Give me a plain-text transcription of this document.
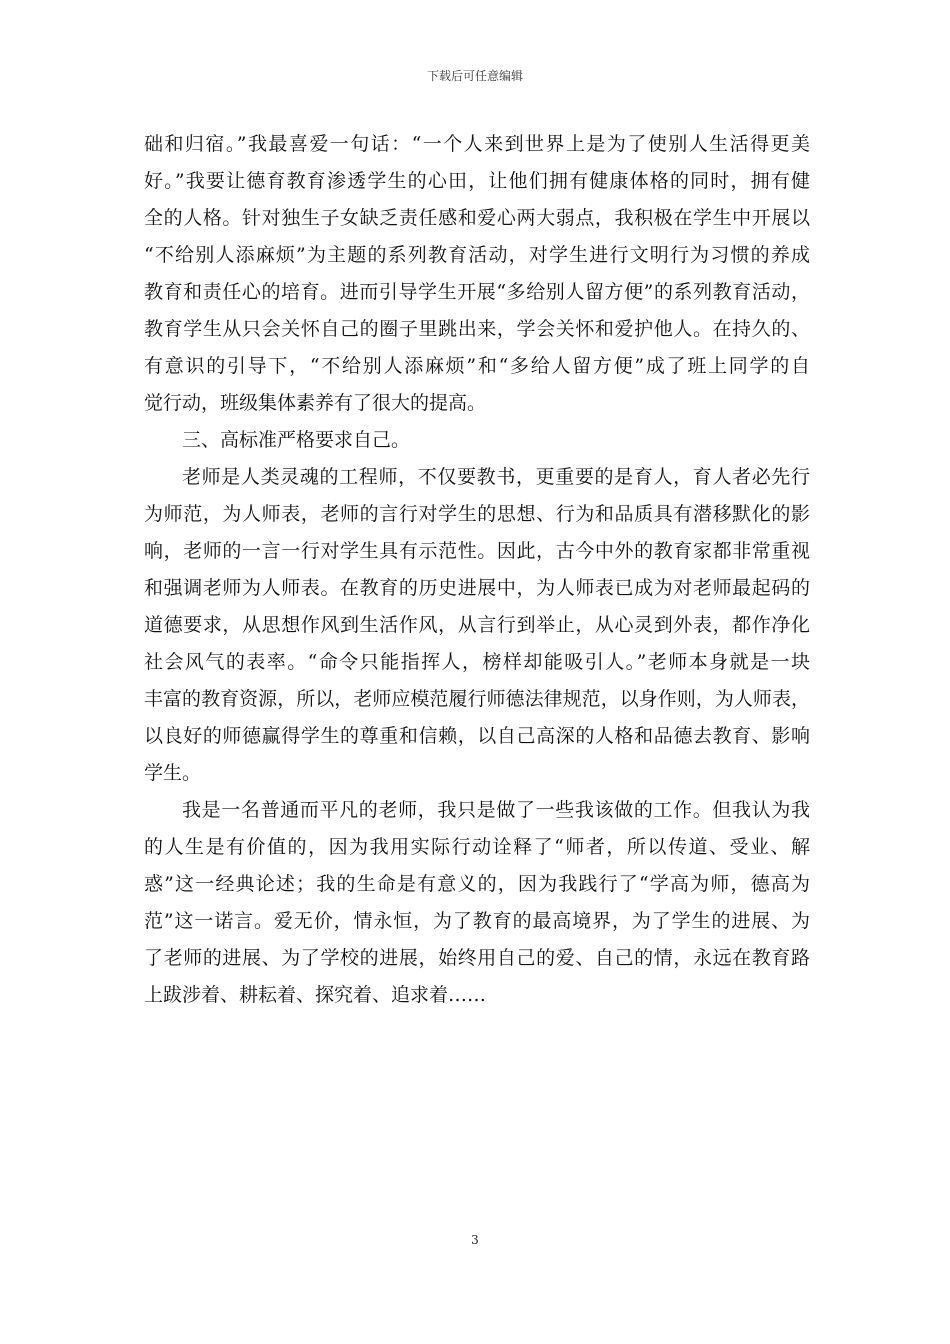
下载后可任意编辑
础和归宿。”我最喜爱一句话：“一个人来到世界上是为了使别人生活得更美
好。”我要让德育教育渗透学生的心田，让他们拥有健康体格的同时，拥有健
全的人格。针对独生子女缺乏责任感和爱心两大弱点，我积极在学生中开展以
“不给别人添麻烦”为主题的系列教育活动，对学生进行文明行为习惯的养成
教育和责任心的培育。进而引导学生开展“多给别人留方便”的系列教育活动，
教育学生从只会关怀自己的圈子里跳出来，学会关怀和爱护他人。在持久的、
有意识的引导下，“不给别人添麻烦”和“多给人留方便”成了班上同学的自
觉行动，班级集体素养有了很大的提高。
三、高标准严格要求自己。
老师是人类灵魂的工程师，不仅要教书，更重要的是育人，育人者必先行
为师范，为人师表，老师的言行对学生的思想、行为和品质具有潜移默化的影
响，老师的一言一行对学生具有示范性。因此，古今中外的教育家都非常重视
和强调老师为人师表。在教育的历史进展中，为人师表已成为对老师最起码的
道德要求，从思想作风到生活作风，从言行到举止，从心灵到外表，都作净化
社会风气的表率。“命令只能指挥人，榜样却能吸引人。”老师本身就是一块
丰富的教育资源，所以，老师应模范履行师德法律规范，以身作则，为人师表，
以良好的师德赢得学生的尊重和信赖，以自己高深的人格和品德去教育、影响
学生。
我是一名普通而平凡的老师，我只是做了一些我该做的工作。但我认为我
的人生是有价值的，因为我用实际行动诠释了“师者，所以传道、受业、解
惑”这一经典论述；我的生命是有意义的，因为我践行了“学高为师，德高为
范”这一诺言。爱无价，情永恒，为了教育的最高境界，为了学生的进展、为
了老师的进展、为了学校的进展，始终用自己的爱、自己的情，永远在教育路
上跋涉着、耕耘着、探究着、追求着……
3
